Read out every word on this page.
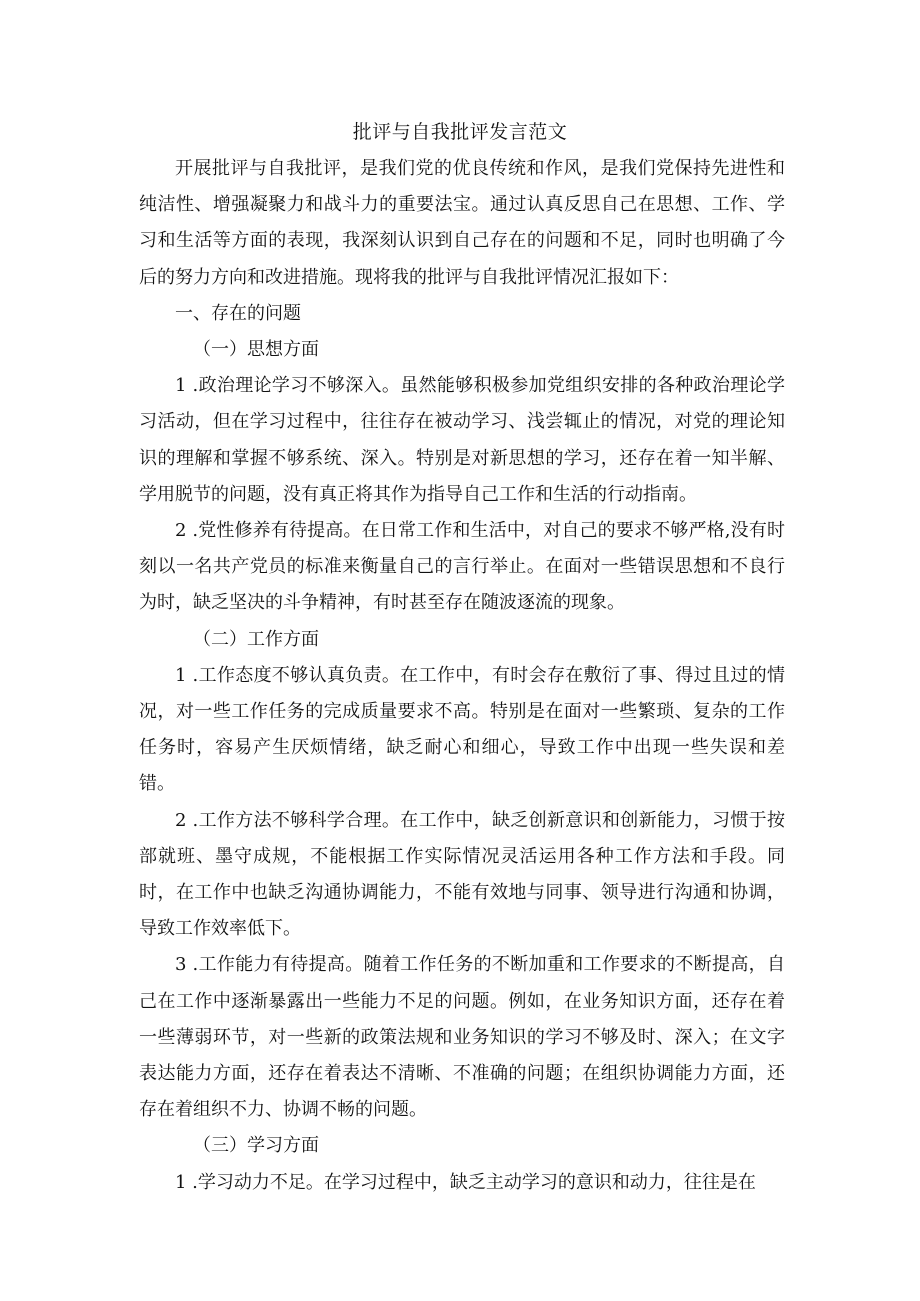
批评与自我批评发言范文

开展批评与自我批评，是我们党的优良传统和作风，是我们党保持先进性和纯洁性、增强凝聚力和战斗力的重要法宝。通过认真反思自己在思想、工作、学习和生活等方面的表现，我深刻认识到自己存在的问题和不足，同时也明确了今后的努力方向和改进措施。现将我的批评与自我批评情况汇报如下：

一、存在的问题

（一）思想方面

1 .政治理论学习不够深入。虽然能够积极参加党组织安排的各种政治理论学习活动，但在学习过程中，往往存在被动学习、浅尝辄止的情况，对党的理论知识的理解和掌握不够系统、深入。特别是对新思想的学习，还存在着一知半解、学用脱节的问题，没有真正将其作为指导自己工作和生活的行动指南。

2 .党性修养有待提高。在日常工作和生活中，对自己的要求不够严格,没有时刻以一名共产党员的标准来衡量自己的言行举止。在面对一些错误思想和不良行为时，缺乏坚决的斗争精神，有时甚至存在随波逐流的现象。

（二）工作方面

1 .工作态度不够认真负责。在工作中，有时会存在敷衍了事、得过且过的情况，对一些工作任务的完成质量要求不高。特别是在面对一些繁琐、复杂的工作任务时，容易产生厌烦情绪，缺乏耐心和细心，导致工作中出现一些失误和差错。

2 .工作方法不够科学合理。在工作中，缺乏创新意识和创新能力，习惯于按部就班、墨守成规，不能根据工作实际情况灵活运用各种工作方法和手段。同时，在工作中也缺乏沟通协调能力，不能有效地与同事、领导进行沟通和协调，导致工作效率低下。

3 .工作能力有待提高。随着工作任务的不断加重和工作要求的不断提高，自己在工作中逐渐暴露出一些能力不足的问题。例如，在业务知识方面，还存在着一些薄弱环节，对一些新的政策法规和业务知识的学习不够及时、深入；在文字表达能力方面，还存在着表达不清晰、不准确的问题；在组织协调能力方面，还存在着组织不力、协调不畅的问题。

（三）学习方面

1 .学习动力不足。在学习过程中，缺乏主动学习的意识和动力，往往是在
